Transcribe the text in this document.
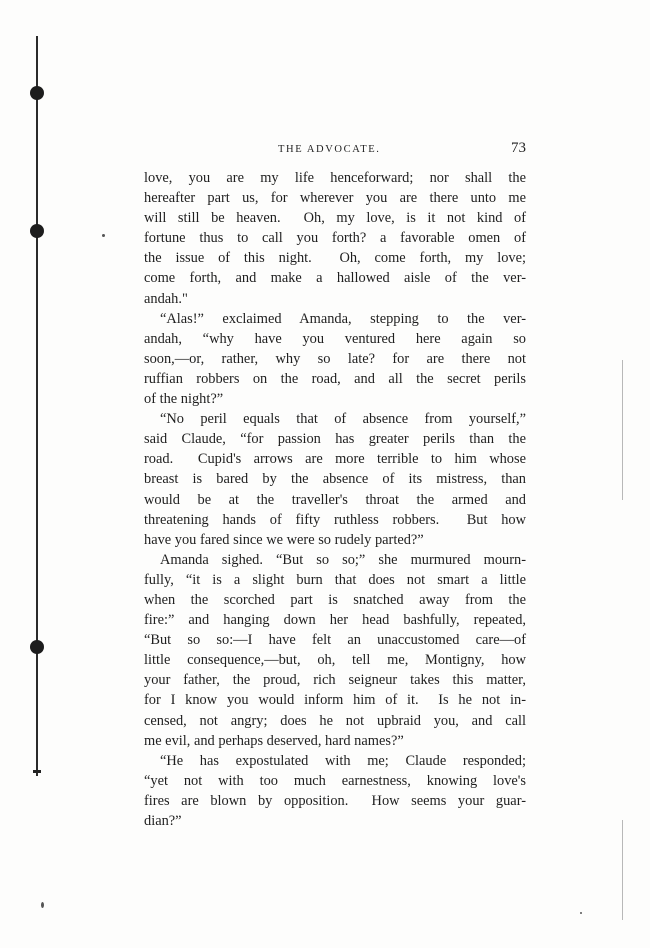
THE ADVOCATE.	73
love, you are my life henceforward; nor shall the
hereafter part us, for wherever you are there unto me
will still be heaven.  Oh, my love, is it not kind of
fortune thus to call you forth? a favorable omen of
the issue of this night.  Oh, come forth, my love;
come forth, and make a hallowed aisle of the ver-
andah."
“Alas!” exclaimed Amanda, stepping to the ver-
andah, “why have you ventured here again so
soon,—or, rather, why so late? for are there not
ruffian robbers on the road, and all the secret perils
of the night?”
“No peril equals that of absence from yourself,”
said Claude, “for passion has greater perils than the
road.  Cupid's arrows are more terrible to him whose
breast is bared by the absence of its mistress, than
would be at the traveller's throat the armed and
threatening hands of fifty ruthless robbers.  But how
have you fared since we were so rudely parted?”
Amanda sighed. “But so so;” she murmured mourn-
fully, “it is a slight burn that does not smart a little
when the scorched part is snatched away from the
fire:” and hanging down her head bashfully, repeated,
“But so so:—I have felt an unaccustomed care—of
little consequence,—but, oh, tell me, Montigny, how
your father, the proud, rich seigneur takes this matter,
for I know you would inform him of it.  Is he not in-
censed, not angry; does he not upbraid you, and call
me evil, and perhaps deserved, hard names?”
“He has expostulated with me; Claude responded;
“yet not with too much earnestness, knowing love's
fires are blown by opposition.  How seems your guar-
dian?”
